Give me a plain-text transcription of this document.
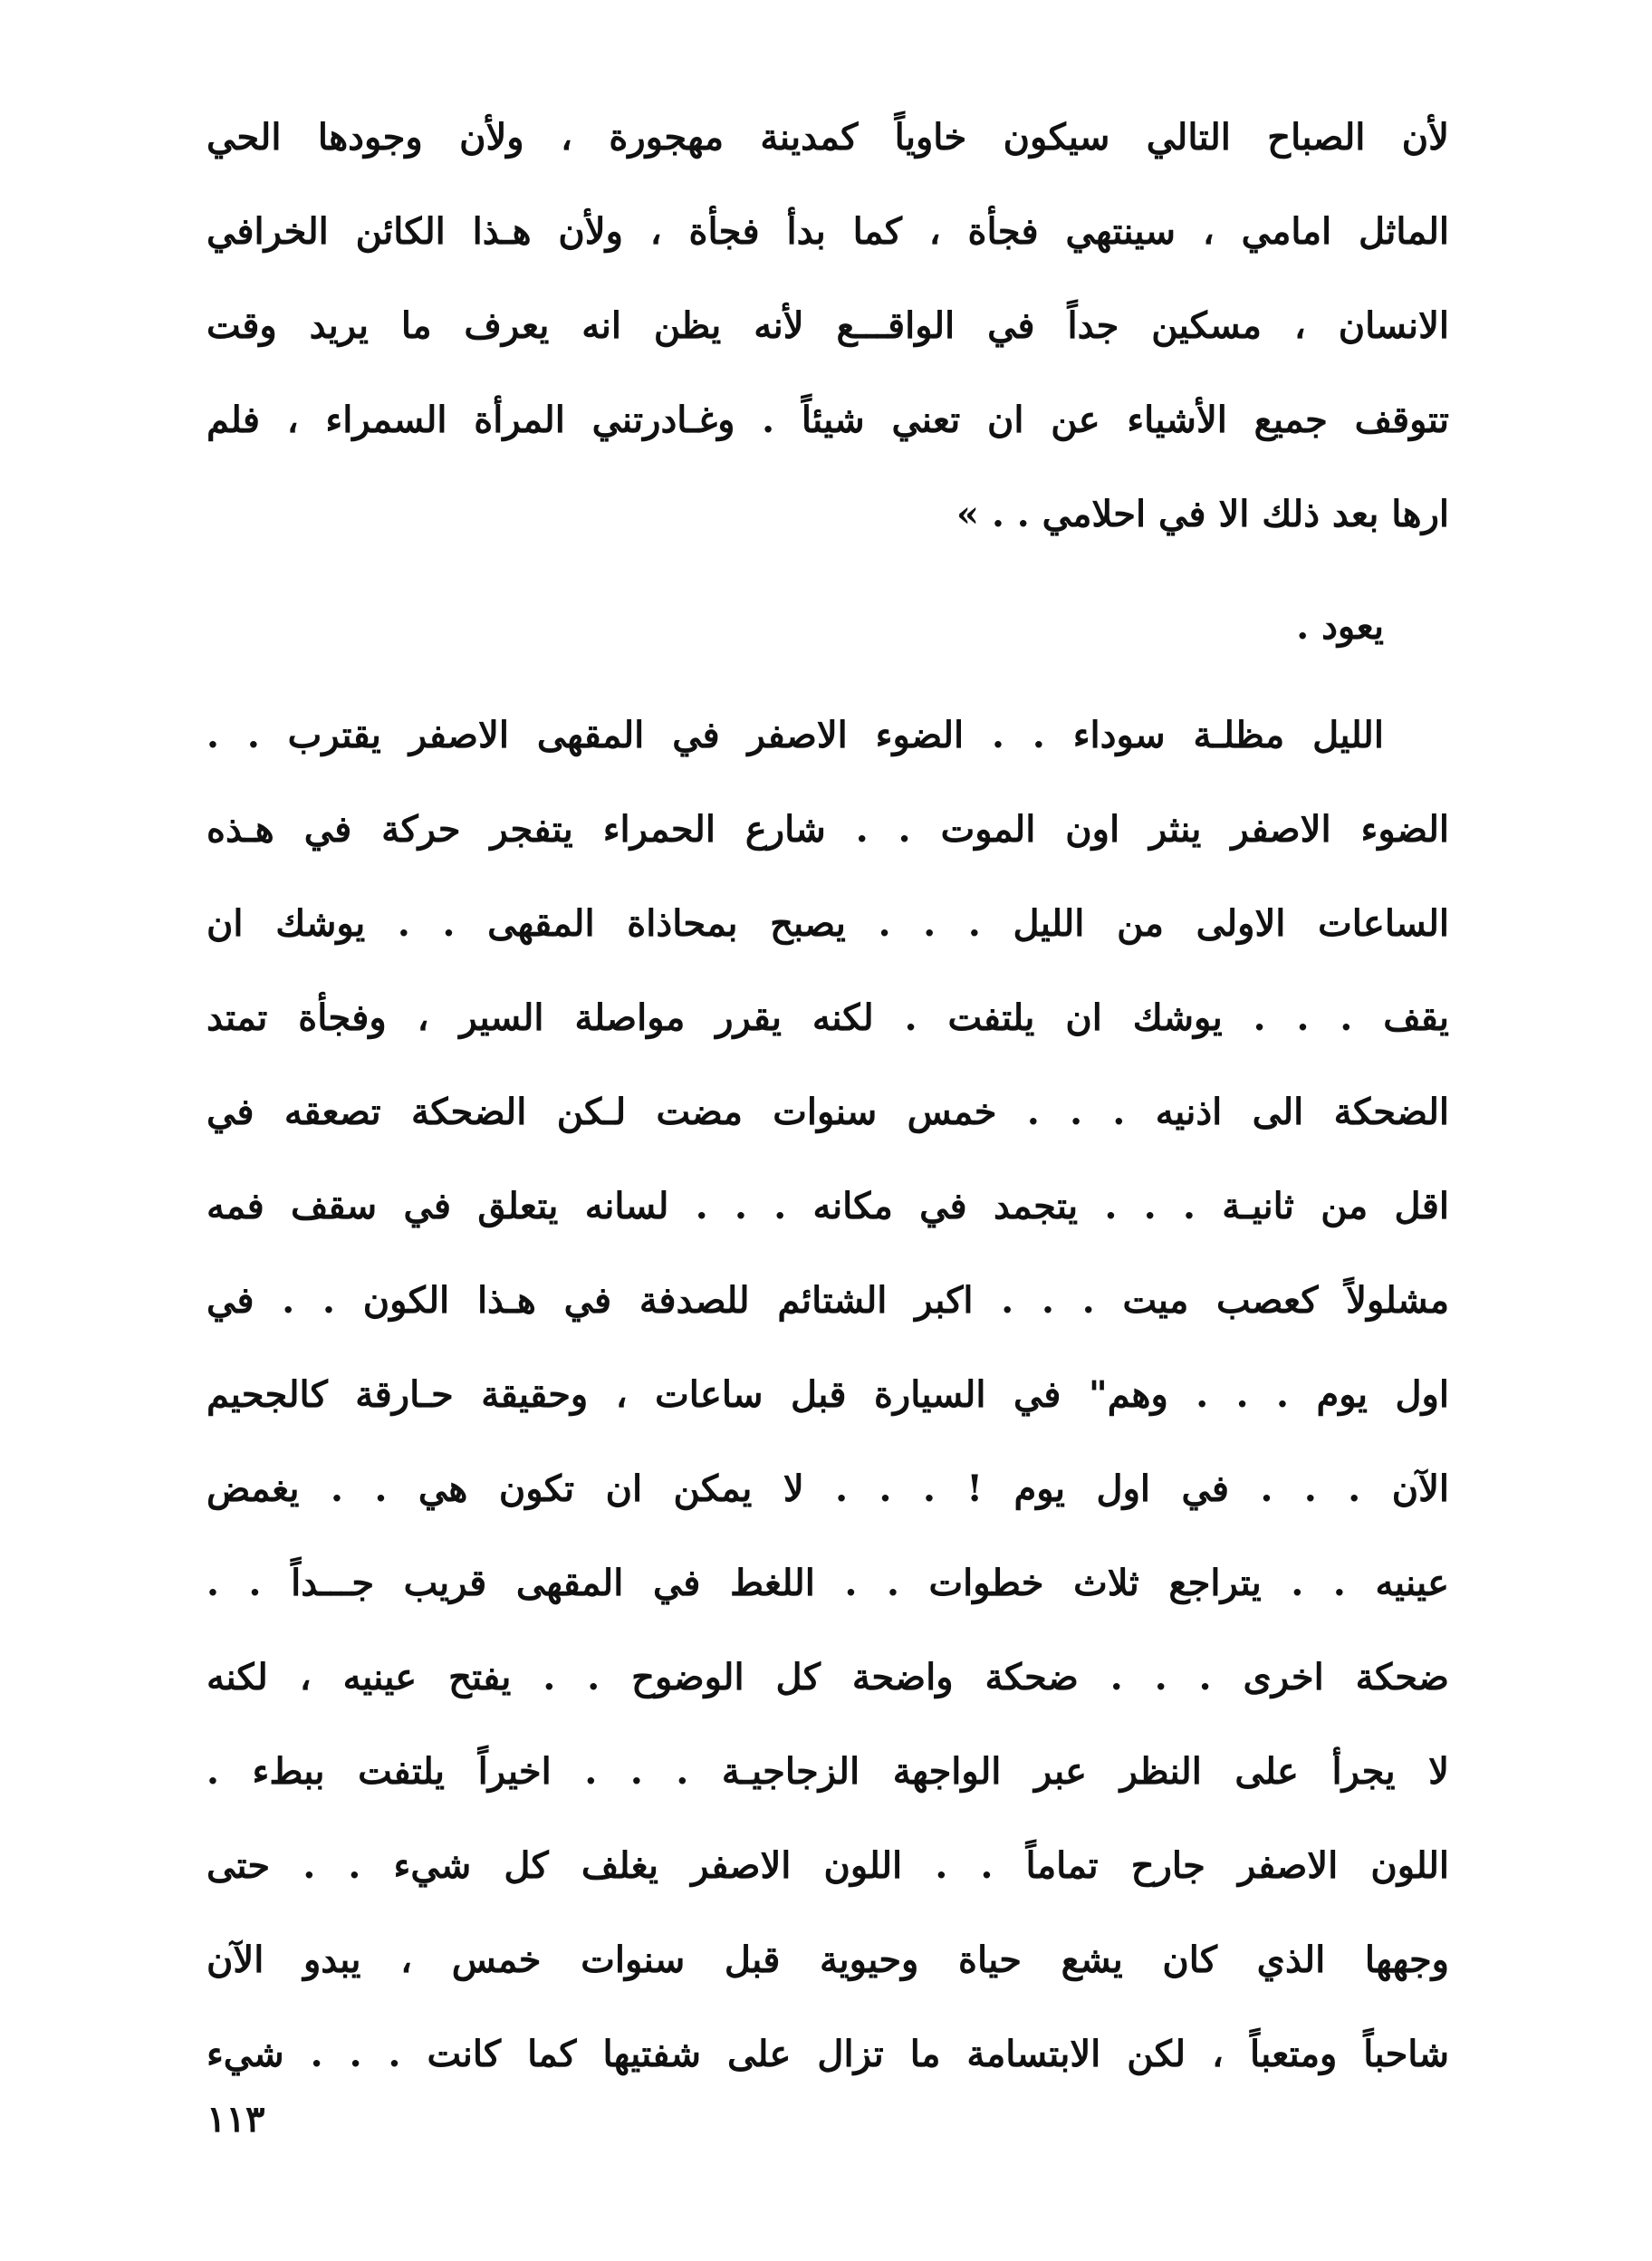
لأن الصباح التالي سيكون خاوياً كمدينة مهجورة ، ولأن وجودها الحي
الماثل امامي ، سينتهي فجأة ، كما بدأ فجأة ، ولأن هـذا الكائن الخرافي
الانسان ، مسكين جداً في الواقـــع لأنه يظن انه يعرف ما يريد وقت
تتوقف جميع الأشياء عن ان تعني شيئاً . وغـادرتني المرأة السمراء ، فلم
ارها بعد ذلك الا في احلامي . . »
يعود .
الليل مظلـة سوداء . . الضوء الاصفر في المقهى الاصفر يقترب . .
الضوء الاصفر ينثر اون الموت . . شارع الحمراء يتفجر حركة في هـذه
الساعات الاولى من الليل . . . يصبح بمحاذاة المقهى . . يوشك ان
يقف . . . يوشك ان يلتفت . لكنه يقرر مواصلة السير ، وفجأة تمتد
الضحكة الى اذنيه . . . خمس سنوات مضت لـكن الضحكة تصعقه في
اقل من ثانيـة . . . يتجمد في مكانه . . . لسانه يتعلق في سقف فمه
مشلولاً كعصب ميت . . . اكبر الشتائم للصدفة في هـذا الكون . . في
اول يوم . . . وهم" في السيارة قبل ساعات ، وحقيقة حـارقة كالجحيم
الآن . . . في اول يوم ! . . . لا يمكن ان تكون هي . . يغمض
عينيه . . يتراجع ثلاث خطوات . . اللغط في المقهى قريب جـــداً . .
ضحكة اخرى . . . ضحكة واضحة كل الوضوح . . يفتح عينيه ، لكنه
لا يجرأ على النظر عبر الواجهة الزجاجيـة . . . اخيراً يلتفت ببطء .
اللون الاصفر جارح تماماً . . اللون الاصفر يغلف كل شيء . . حتى
وجهها الذي كان يشع حياة وحيوية قبل سنوات خمس ، يبدو الآن
شاحباً ومتعباً ، لكن الابتسامة ما تزال على شفتيها كما كانت . . . شيء
١١٣
